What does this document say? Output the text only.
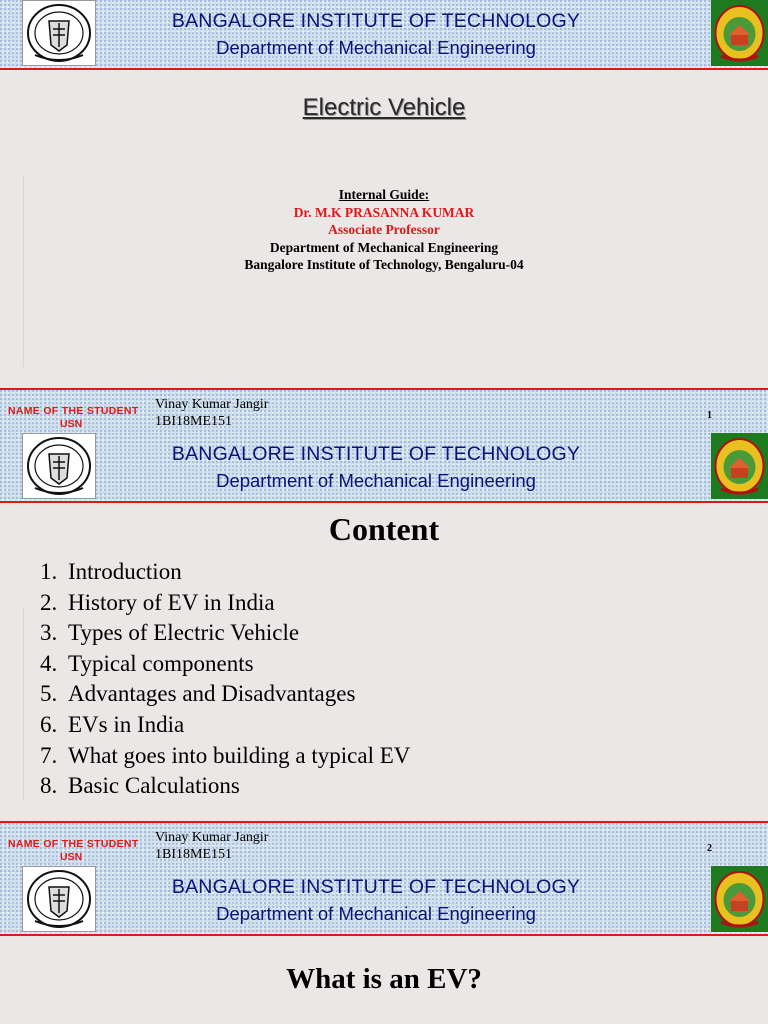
BANGALORE INSTITUTE OF TECHNOLOGY
Department of Mechanical Engineering
Electric Vehicle
Internal Guide:
Dr. M.K PRASANNA KUMAR
Associate Professor
Department of Mechanical Engineering
Bangalore Institute of Technology, Bengaluru-04
NAME OF THE STUDENT
USN
Vinay Kumar Jangir
1BI18ME151	1
BANGALORE INSTITUTE OF TECHNOLOGY
Department of Mechanical Engineering
Content
1. Introduction
2. History of EV in India
3. Types of Electric Vehicle
4. Typical components
5. Advantages and Disadvantages
6. EVs in India
7. What goes into building a typical EV
8. Basic Calculations
NAME OF THE STUDENT
USN
Vinay Kumar Jangir
1BI18ME151	2
BANGALORE INSTITUTE OF TECHNOLOGY
Department of Mechanical Engineering
What is an EV?
